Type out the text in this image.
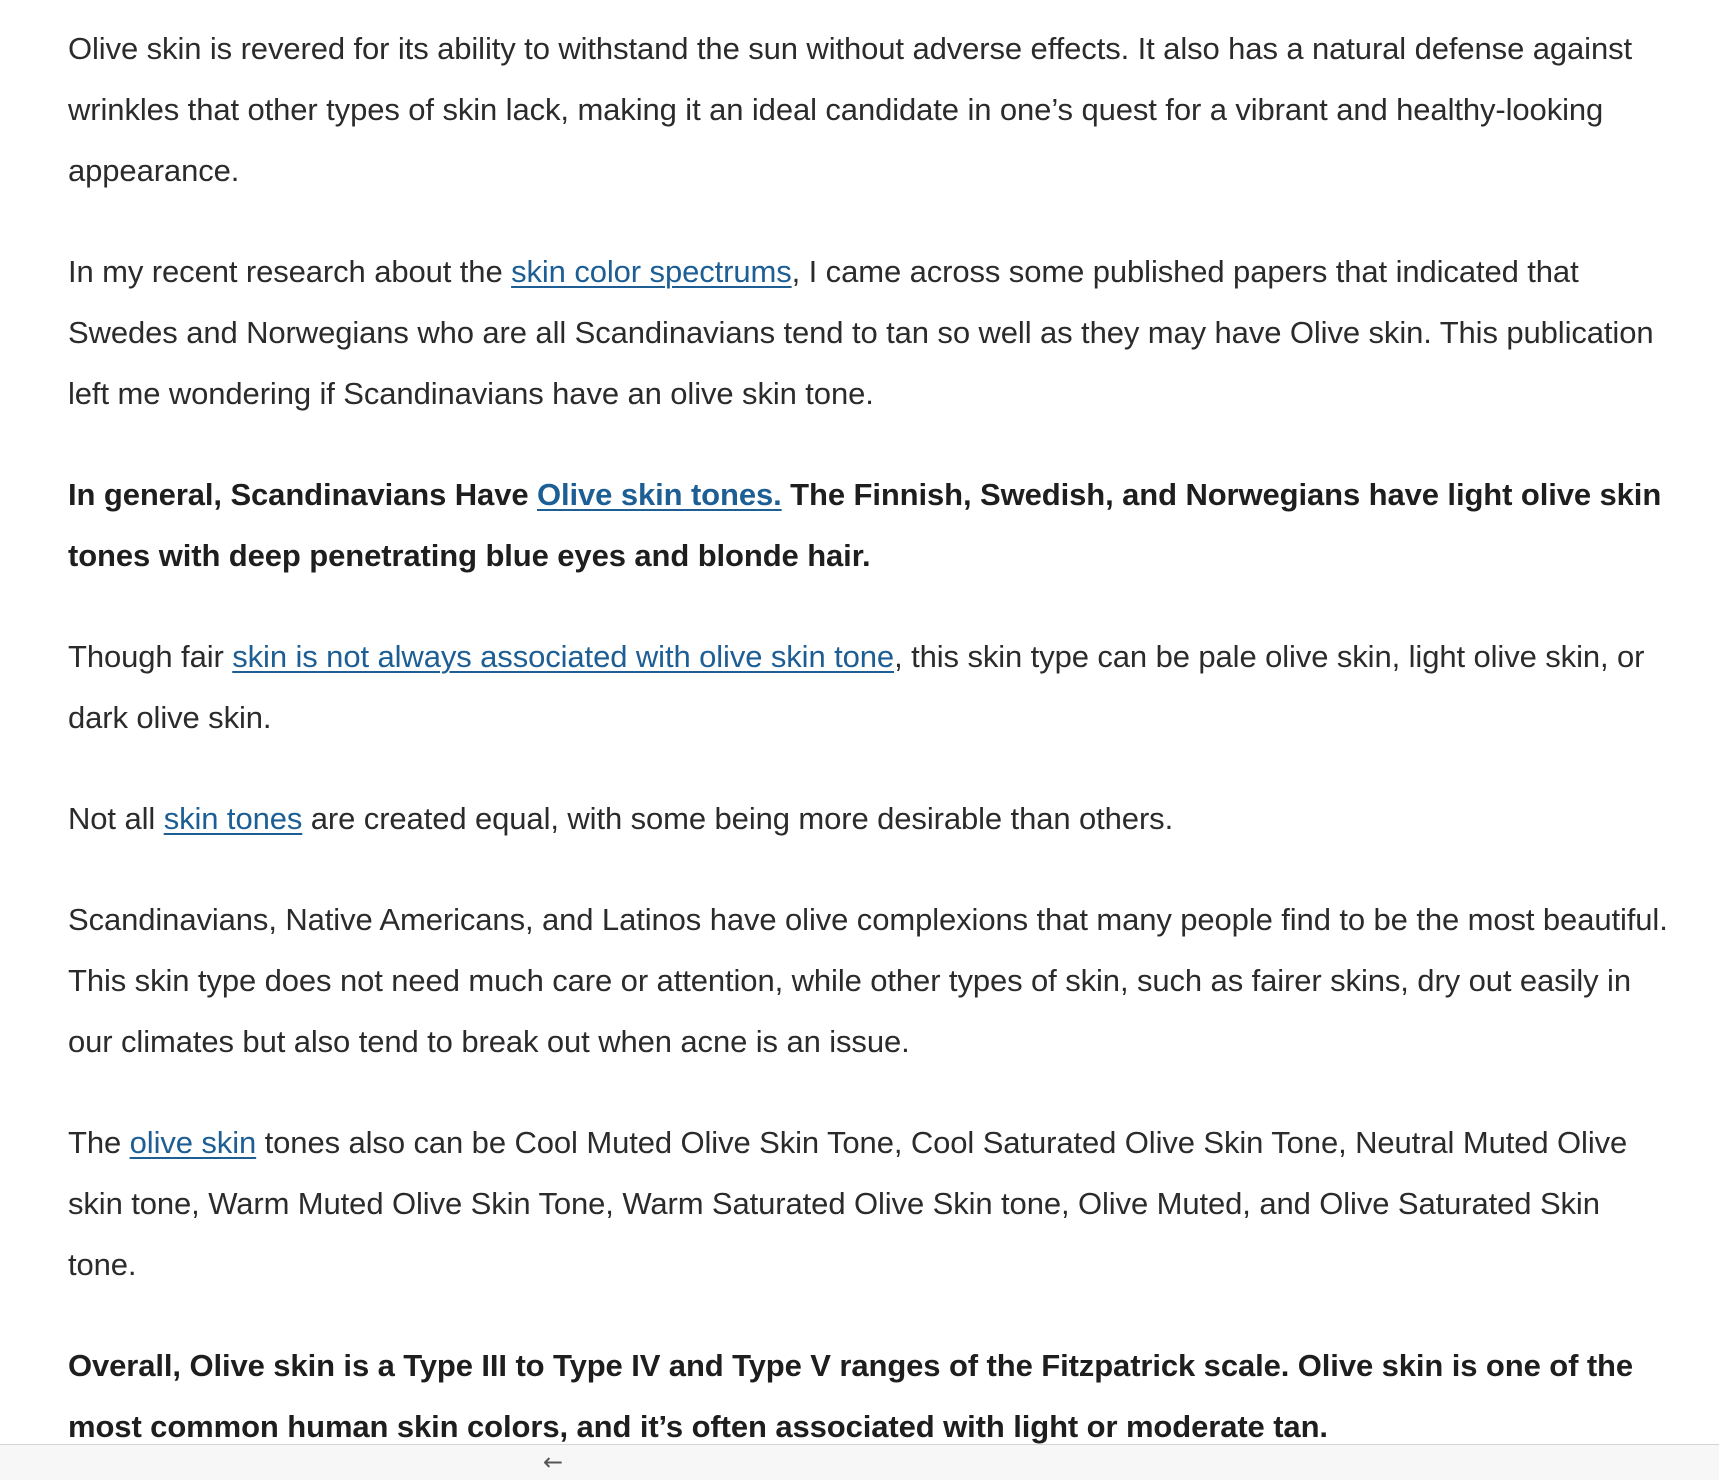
Olive skin is revered for its ability to withstand the sun without adverse effects. It also has a natural defense against wrinkles that other types of skin lack, making it an ideal candidate in one’s quest for a vibrant and healthy-looking appearance.

In my recent research about the skin color spectrums, I came across some published papers that indicated that Swedes and Norwegians who are all Scandinavians tend to tan so well as they may have Olive skin. This publication left me wondering if Scandinavians have an olive skin tone.

In general, Scandinavians Have Olive skin tones. The Finnish, Swedish, and Norwegians have light olive skin tones with deep penetrating blue eyes and blonde hair.

Though fair skin is not always associated with olive skin tone, this skin type can be pale olive skin, light olive skin, or dark olive skin.

Not all skin tones are created equal, with some being more desirable than others.

Scandinavians, Native Americans, and Latinos have olive complexions that many people find to be the most beautiful. This skin type does not need much care or attention, while other types of skin, such as fairer skins, dry out easily in our climates but also tend to break out when acne is an issue.

The olive skin tones also can be Cool Muted Olive Skin Tone, Cool Saturated Olive Skin Tone, Neutral Muted Olive skin tone, Warm Muted Olive Skin Tone, Warm Saturated Olive Skin tone, Olive Muted, and Olive Saturated Skin tone.

Overall, Olive skin is a Type III to Type IV and Type V ranges of the Fitzpatrick scale. Olive skin is one of the most common human skin colors, and it’s often associated with light or moderate tan.

←
